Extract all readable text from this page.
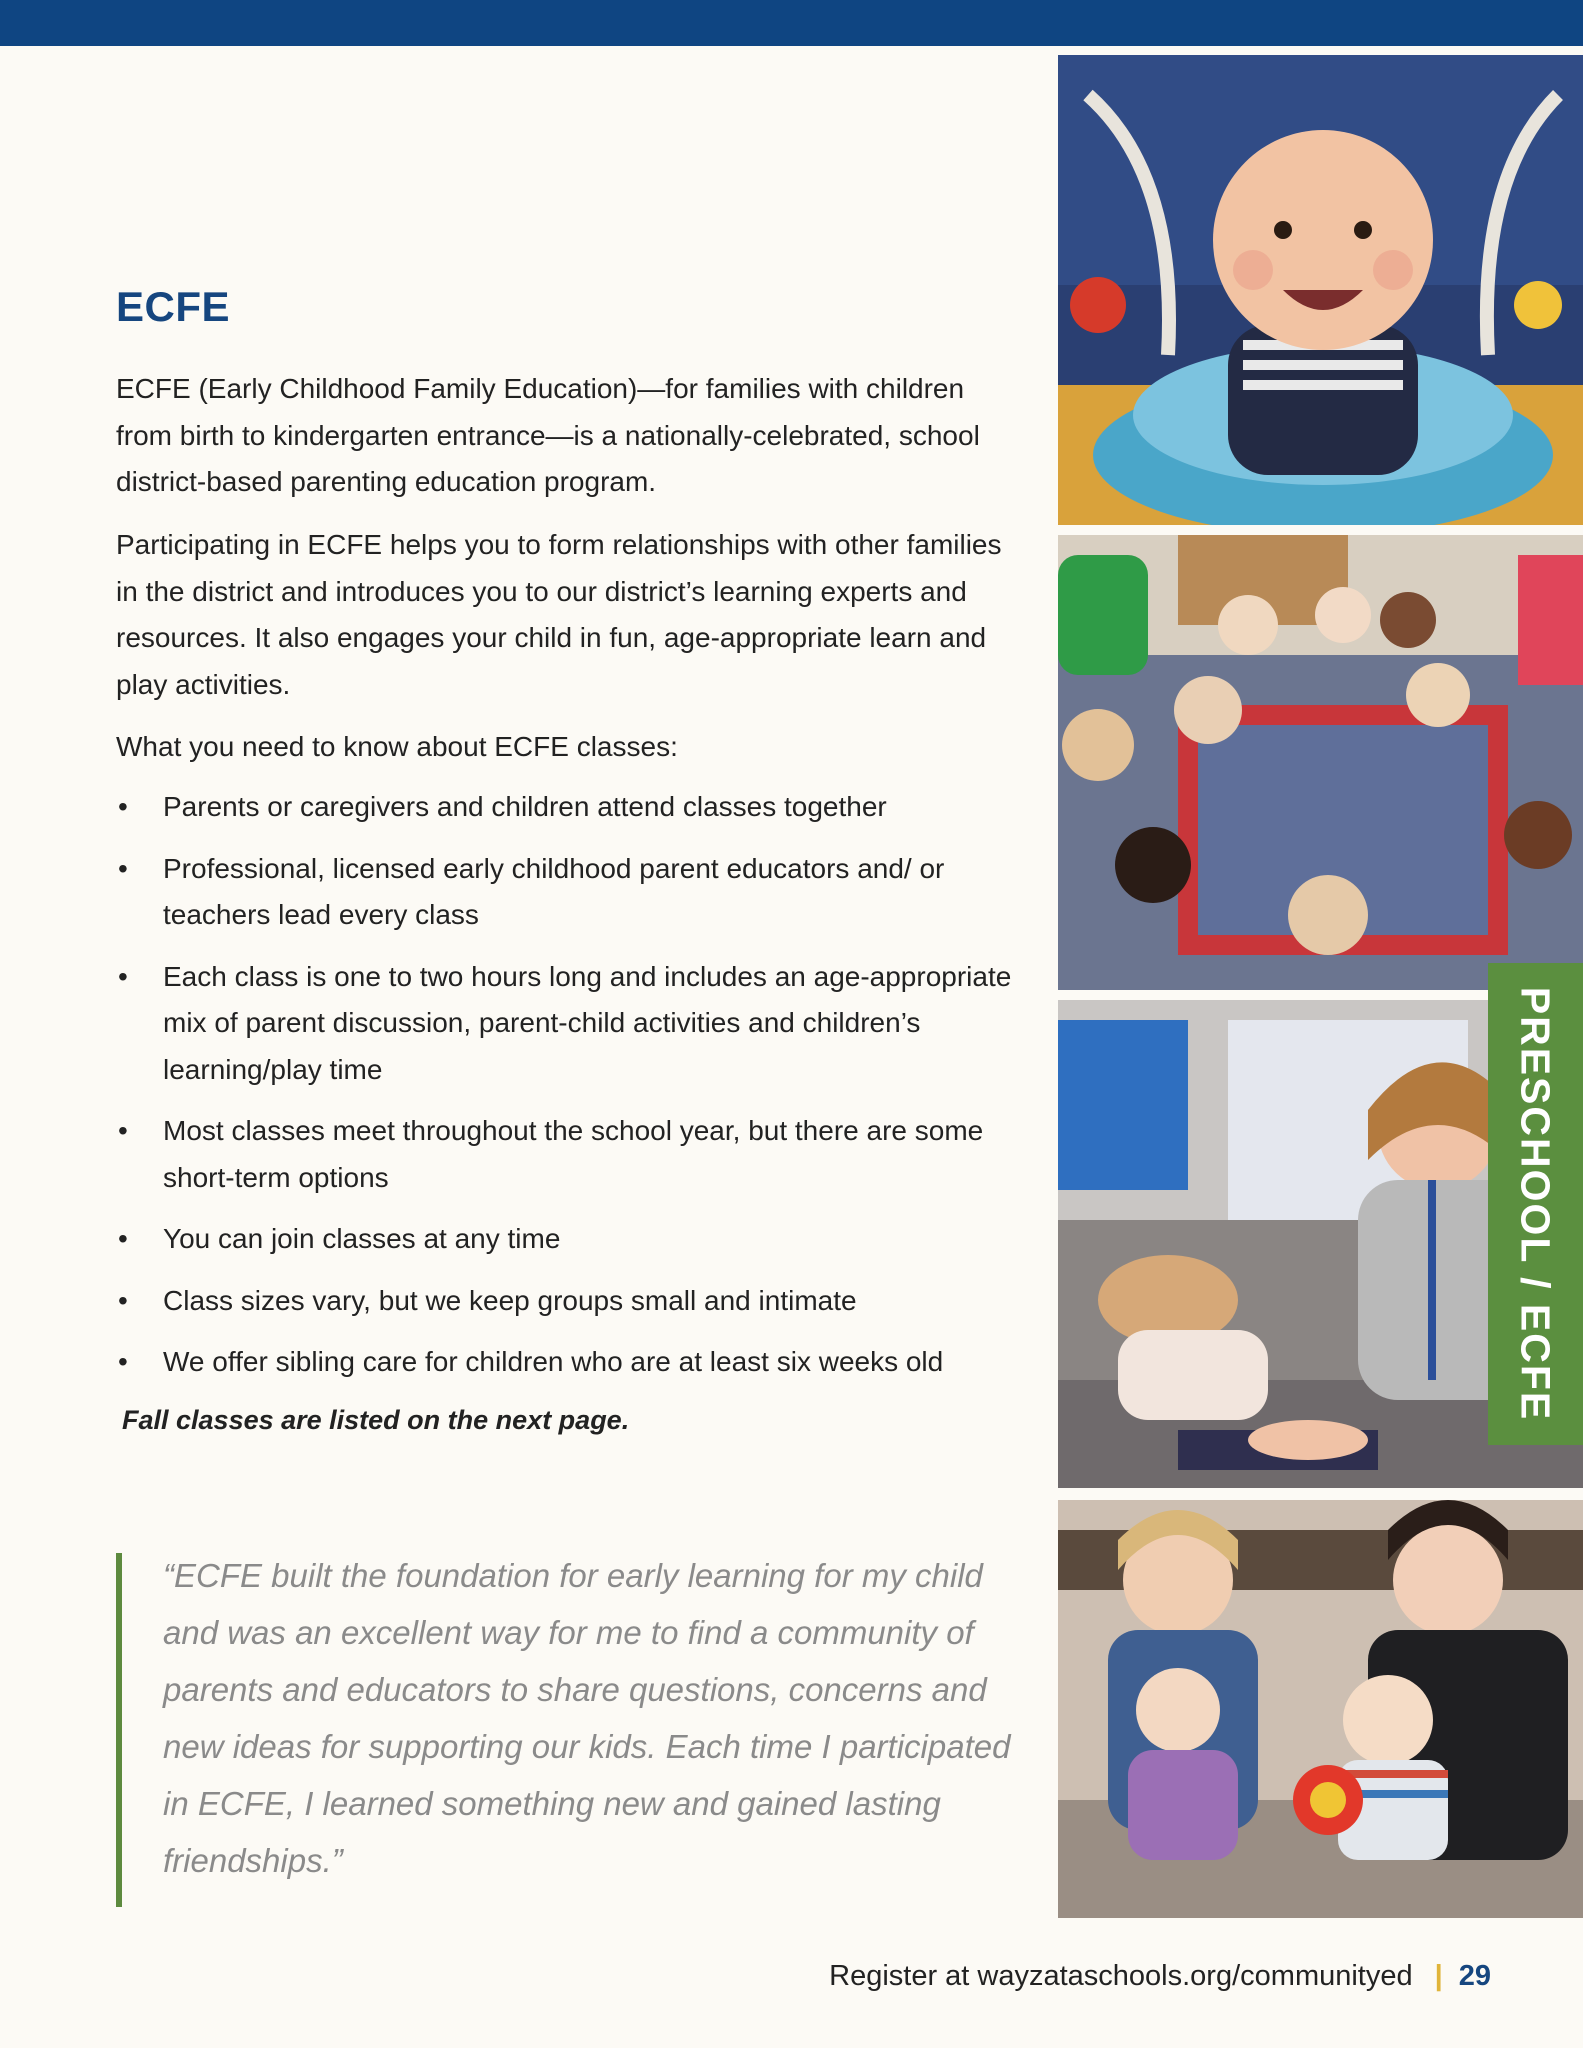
ECFE

ECFE (Early Childhood Family Education)—for families with children from birth to kindergarten entrance—is a nationally-celebrated, school district-based parenting education program.

Participating in ECFE helps you to form relationships with other families in the district and introduces you to our district’s learning experts and resources. It also engages your child in fun, age-appropriate learn and play activities.

What you need to know about ECFE classes:

• Parents or caregivers and children attend classes together
• Professional, licensed early childhood parent educators and/ or teachers lead every class
• Each class is one to two hours long and includes an age-appropriate mix of parent discussion, parent-child activities and children’s learning/play time
• Most classes meet throughout the school year, but there are some short-term options
• You can join classes at any time
• Class sizes vary, but we keep groups small and intimate
• We offer sibling care for children who are at least six weeks old
Fall classes are listed on the next page.
“ECFE built the foundation for early learning for my child and was an excellent way for me to find a community of parents and educators to share questions, concerns and new ideas for supporting our kids. Each time I participated in ECFE, I learned something new and gained lasting friendships.”
PRESCHOOL / ECFE
Register at wayzataschools.org/communityed | 29
